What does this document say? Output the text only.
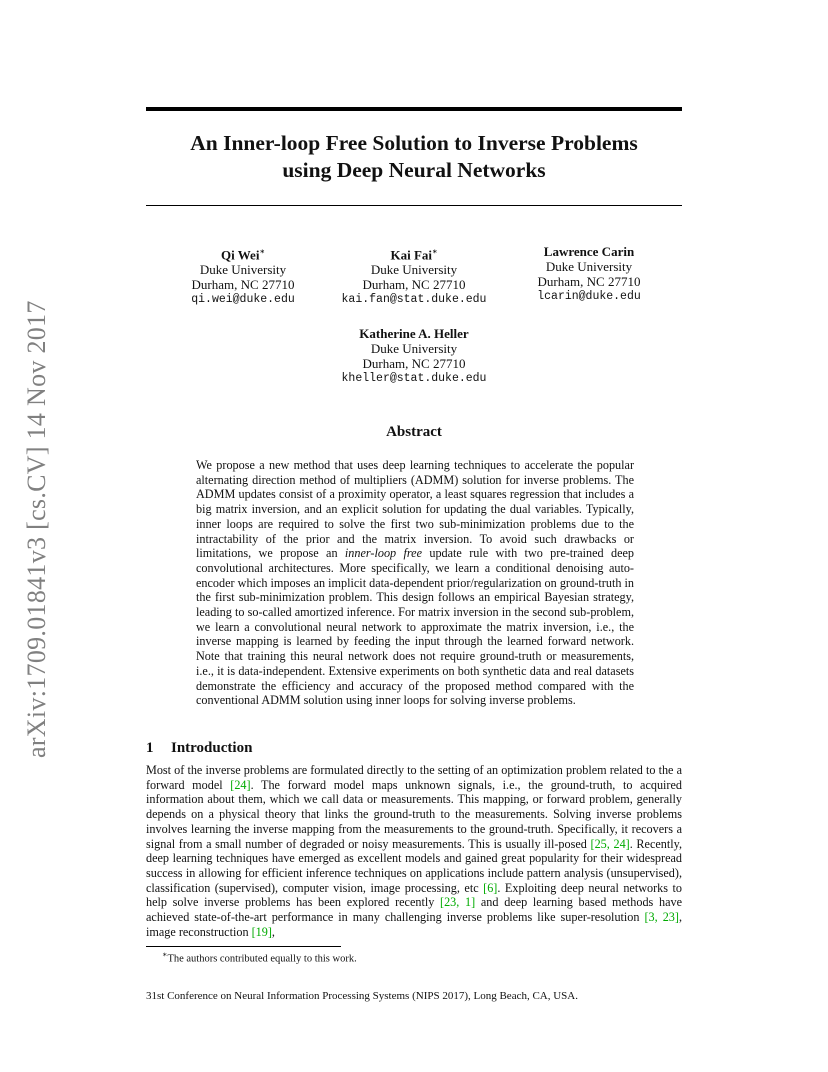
arXiv:1709.01841v3 [cs.CV] 14 Nov 2017
An Inner-loop Free Solution to Inverse Problems
using Deep Neural Networks
Qi Wei∗
Duke University
Durham, NC 27710
qi.wei@duke.edu
Kai Fai∗
Duke University
Durham, NC 27710
kai.fan@stat.duke.edu
Lawrence Carin
Duke University
Durham, NC 27710
lcarin@duke.edu
Katherine A. Heller
Duke University
Durham, NC 27710
kheller@stat.duke.edu
Abstract
We propose a new method that uses deep learning techniques to accelerate the popular alternating direction method of multipliers (ADMM) solution for inverse problems. The ADMM updates consist of a proximity operator, a least squares regression that includes a big matrix inversion, and an explicit solution for updating the dual variables. Typically, inner loops are required to solve the first two sub-minimization problems due to the intractability of the prior and the matrix inversion. To avoid such drawbacks or limitations, we propose an inner-loop free update rule with two pre-trained deep convolutional architectures. More specifically, we learn a conditional denoising auto-encoder which imposes an implicit data-dependent prior/regularization on ground-truth in the first sub-minimization problem. This design follows an empirical Bayesian strategy, leading to so-called amortized inference. For matrix inversion in the second sub-problem, we learn a convolutional neural network to approximate the matrix inversion, i.e., the inverse mapping is learned by feeding the input through the learned forward network. Note that training this neural network does not require ground-truth or measurements, i.e., it is data-independent. Extensive experiments on both synthetic data and real datasets demonstrate the efficiency and accuracy of the proposed method compared with the conventional ADMM solution using inner loops for solving inverse problems.
1 Introduction
Most of the inverse problems are formulated directly to the setting of an optimization problem related to the a forward model [24]. The forward model maps unknown signals, i.e., the ground-truth, to acquired information about them, which we call data or measurements. This mapping, or forward problem, generally depends on a physical theory that links the ground-truth to the measurements. Solving inverse problems involves learning the inverse mapping from the measurements to the ground-truth. Specifically, it recovers a signal from a small number of degraded or noisy measurements. This is usually ill-posed [25, 24]. Recently, deep learning techniques have emerged as excellent models and gained great popularity for their widespread success in allowing for efficient inference techniques on applications include pattern analysis (unsupervised), classification (supervised), computer vision, image processing, etc [6]. Exploiting deep neural networks to help solve inverse problems has been explored recently [23, 1] and deep learning based methods have achieved state-of-the-art performance in many challenging inverse problems like super-resolution [3, 23], image reconstruction [19],
∗The authors contributed equally to this work.
31st Conference on Neural Information Processing Systems (NIPS 2017), Long Beach, CA, USA.
